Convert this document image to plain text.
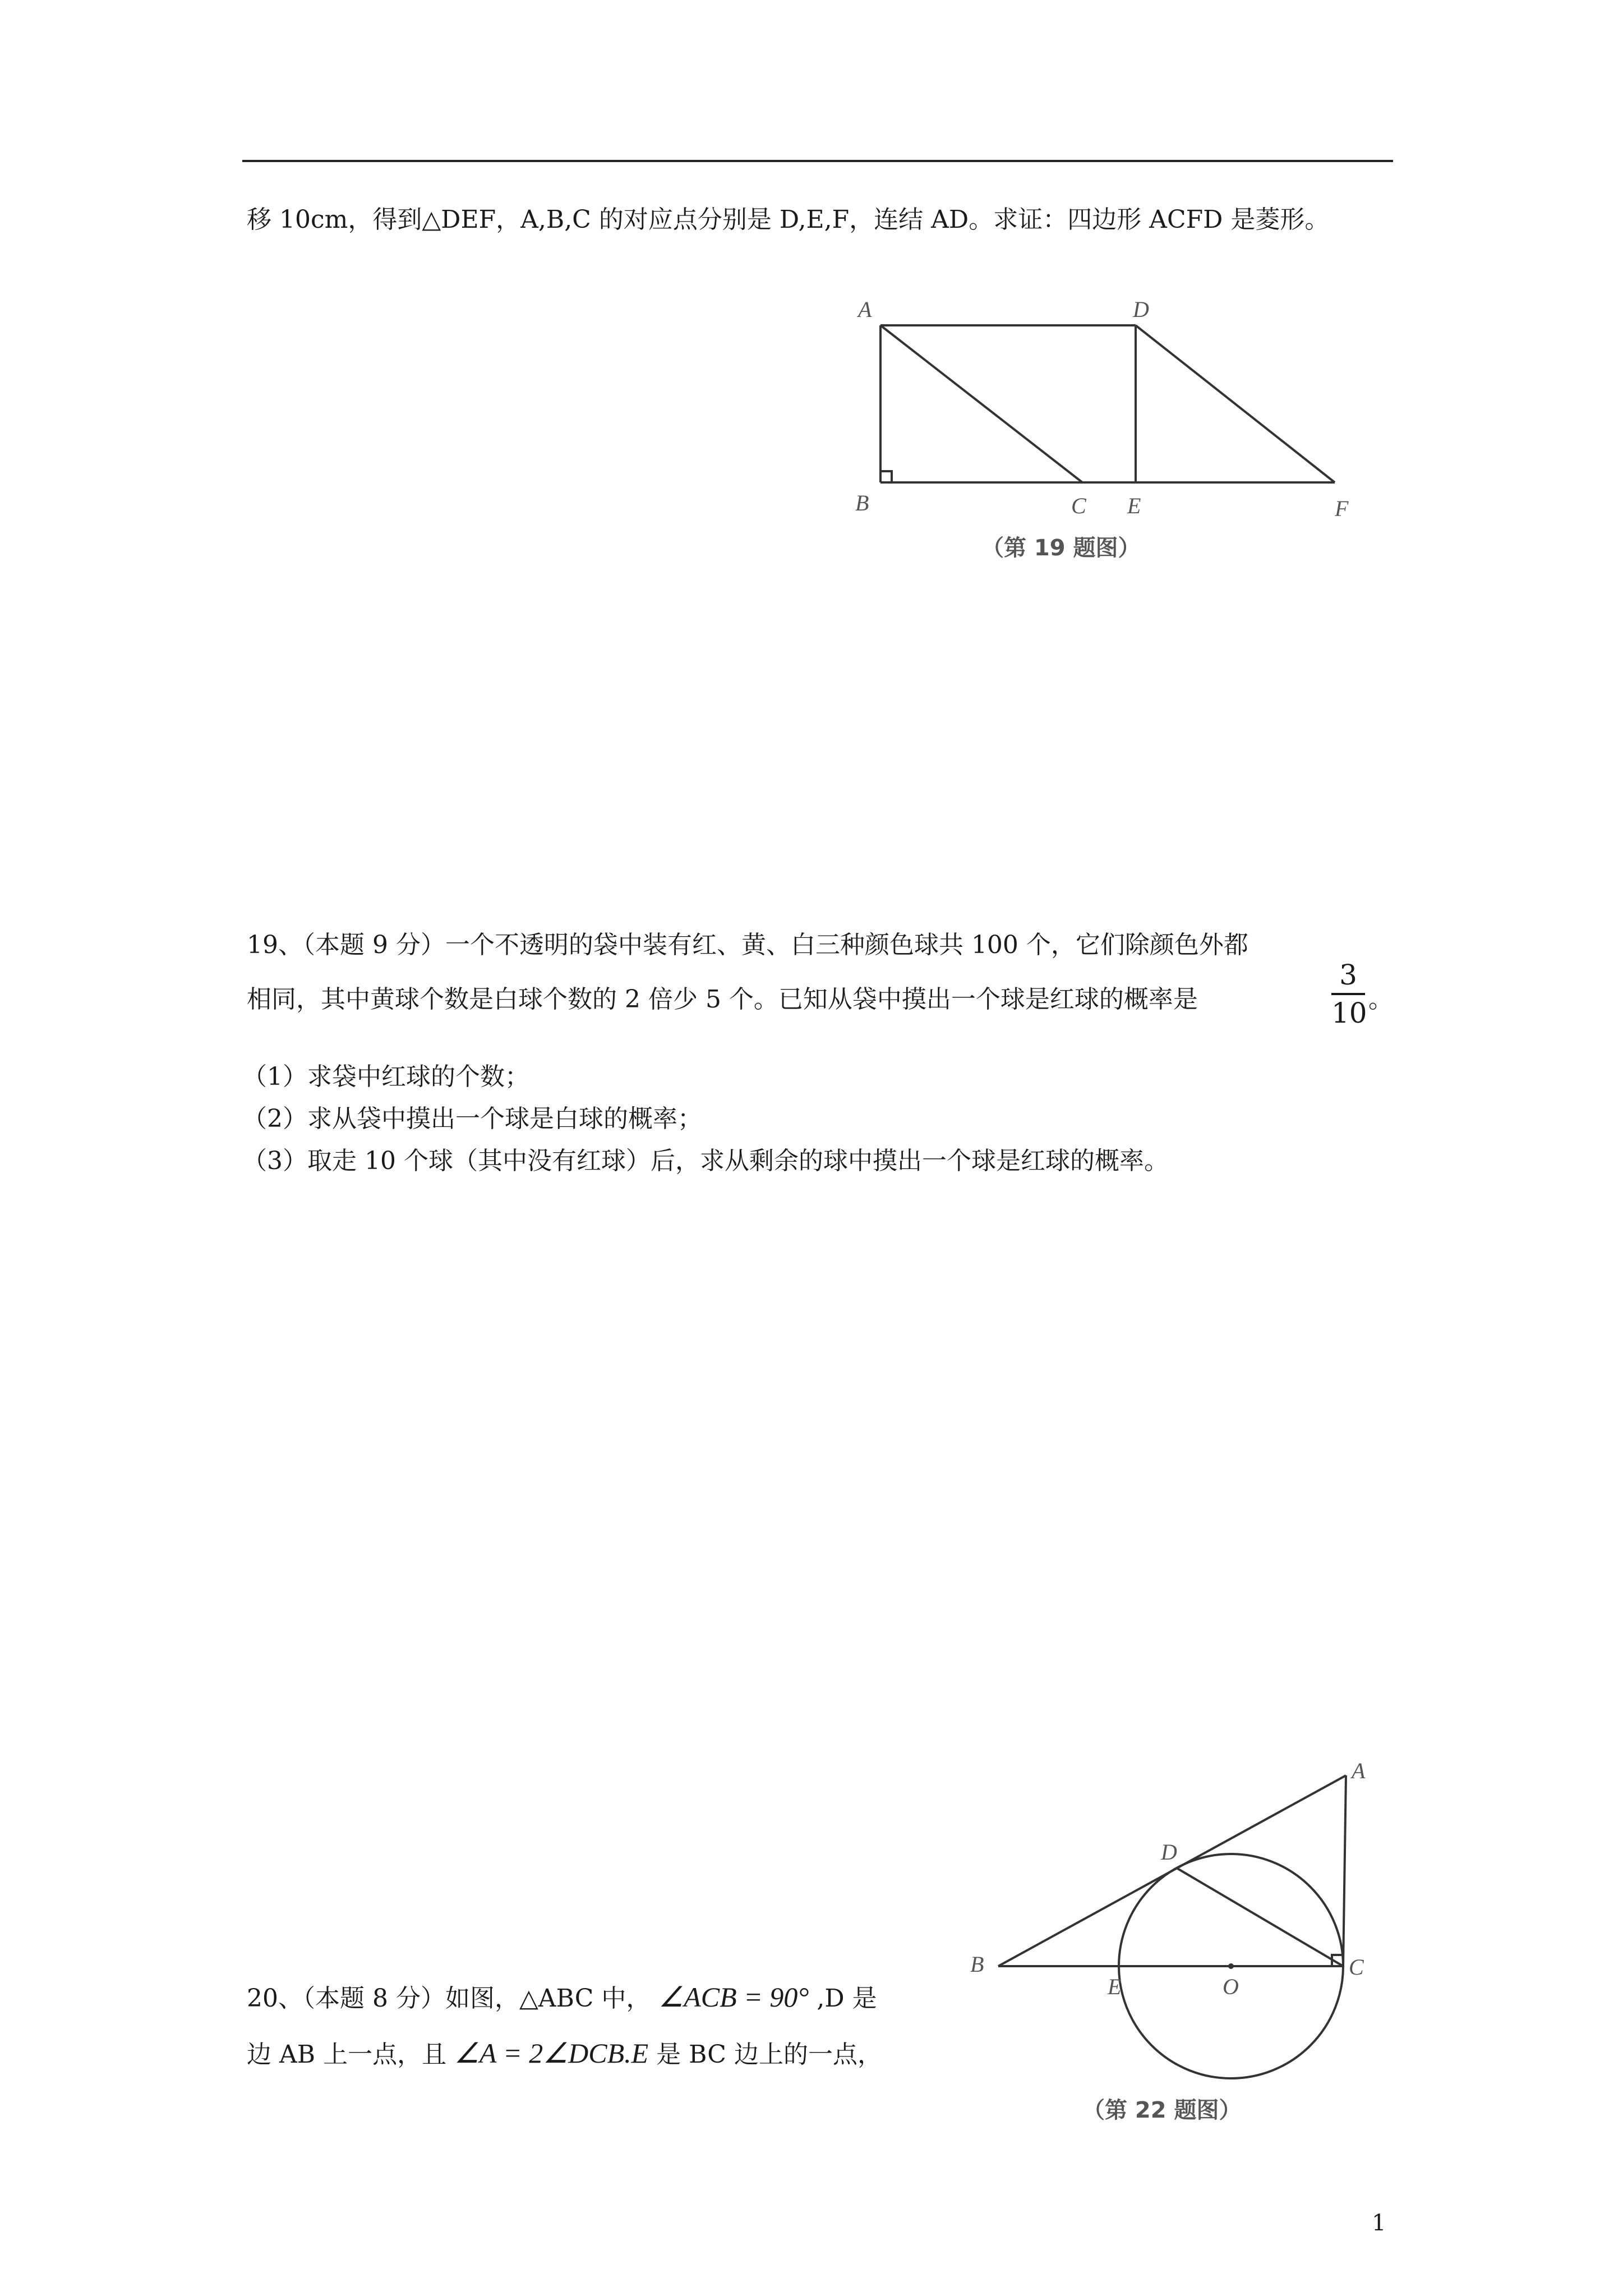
移 10cm，得到△DEF，A,B,C 的对应点分别是 D,E,F，连结 AD。求证：四边形 ACFD 是菱形。
A	D
B	C E	F
（第 19 题图）
19、（本题 9 分）一个不透明的袋中装有红、黄、白三种颜色球共 100 个，它们除颜色外都
相同，其中黄球个数是白球个数的 2 倍少 5 个。已知从袋中摸出一个球是红球的概率是
3
10 。
（1）求袋中红球的个数；
（2）求从袋中摸出一个球是白球的概率；
（3）取走 10 个球（其中没有红球）后，求从剩余的球中摸出一个球是红球的概率。
20、（本题 8 分）如图，△ABC 中， ∠ACB = 90° ,D 是
边 AB 上一点，且 ∠A = 2∠DCB.E 是 BC 边上的一点，
A
D
B
E	O
C
（第 22 题图）
1
